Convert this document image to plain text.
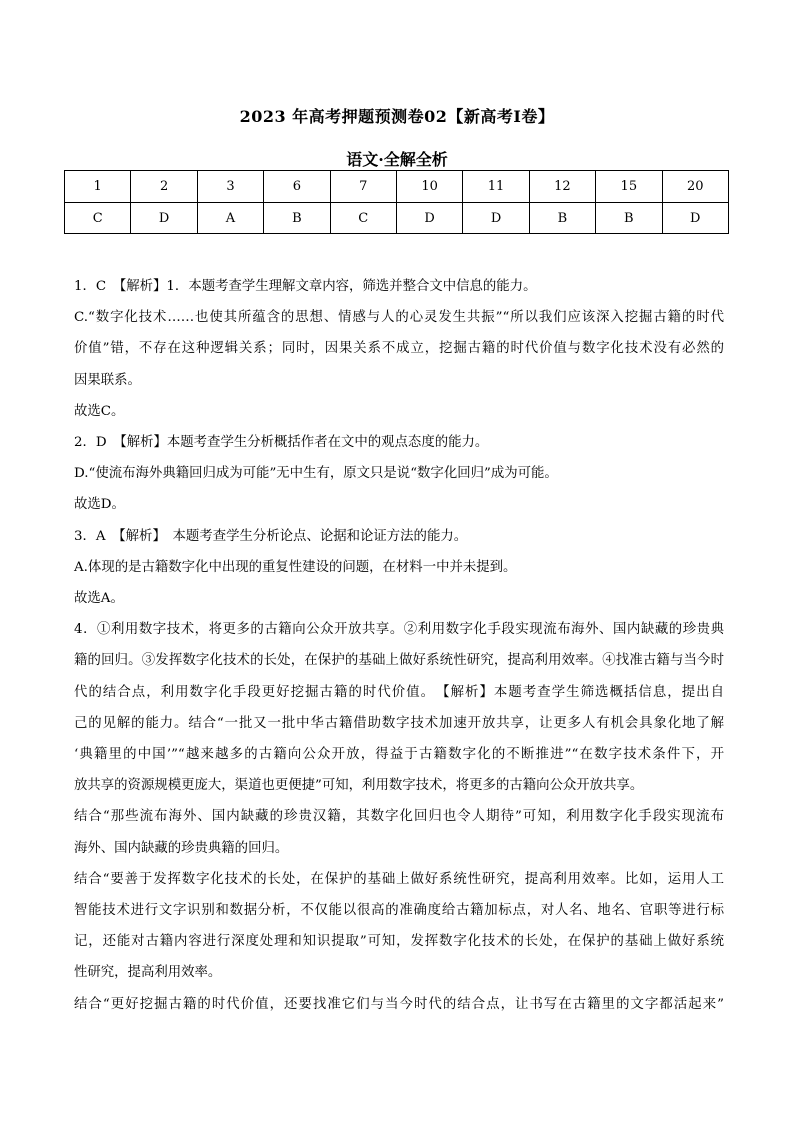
2023 年高考押题预测卷02【新高考Ⅰ卷】
语文·全解全析
1	2	3	6	7	10	11	12	15	20
C	D	A	B	C	D	D	B	B	D

1．C　【解析】1．本题考查学生理解文章内容，筛选并整合文中信息的能力。

C.“数字化技术……也使其所蕴含的思想、情感与人的心灵发生共振”“所以我们应该深入挖掘古籍的时代

价值”错，不存在这种逻辑关系；同时，因果关系不成立，挖掘古籍的时代价值与数字化技术没有必然的

因果联系。

故选C。

2．D　【解析】本题考查学生分析概括作者在文中的观点态度的能力。

D.“使流布海外典籍回归成为可能”无中生有，原文只是说“数字化回归”成为可能。

故选D。

3．A　【解析】　本题考查学生分析论点、论据和论证方法的能力。

A.体现的是古籍数字化中出现的重复性建设的问题，在材料一中并未提到。

故选A。

4．①利用数字技术，将更多的古籍向公众开放共享。②利用数字化手段实现流布海外、国内缺藏的珍贵典

籍的回归。③发挥数字化技术的长处，在保护的基础上做好系统性研究，提高利用效率。④找准古籍与当今时

代的结合点，利用数字化手段更好挖掘古籍的时代价值。　【解析】本题考查学生筛选概括信息，提出自

己的见解的能力。结合“一批又一批中华古籍借助数字技术加速开放共享，让更多人有机会具象化地了解

‘典籍里的中国’”“越来越多的古籍向公众开放，得益于古籍数字化的不断推进”“在数字技术条件下，开

放共享的资源规模更庞大，渠道也更便捷”可知，利用数字技术，将更多的古籍向公众开放共享。

结合“那些流布海外、国内缺藏的珍贵汉籍，其数字化回归也令人期待”可知，利用数字化手段实现流布

海外、国内缺藏的珍贵典籍的回归。

结合“要善于发挥数字化技术的长处，在保护的基础上做好系统性研究，提高利用效率。比如，运用人工

智能技术进行文字识别和数据分析，不仅能以很高的准确度给古籍加标点，对人名、地名、官职等进行标

记，还能对古籍内容进行深度处理和知识提取”可知，发挥数字化技术的长处，在保护的基础上做好系统

性研究，提高利用效率。

结合“更好挖掘古籍的时代价值，还要找准它们与当今时代的结合点，让书写在古籍里的文字都活起来”
